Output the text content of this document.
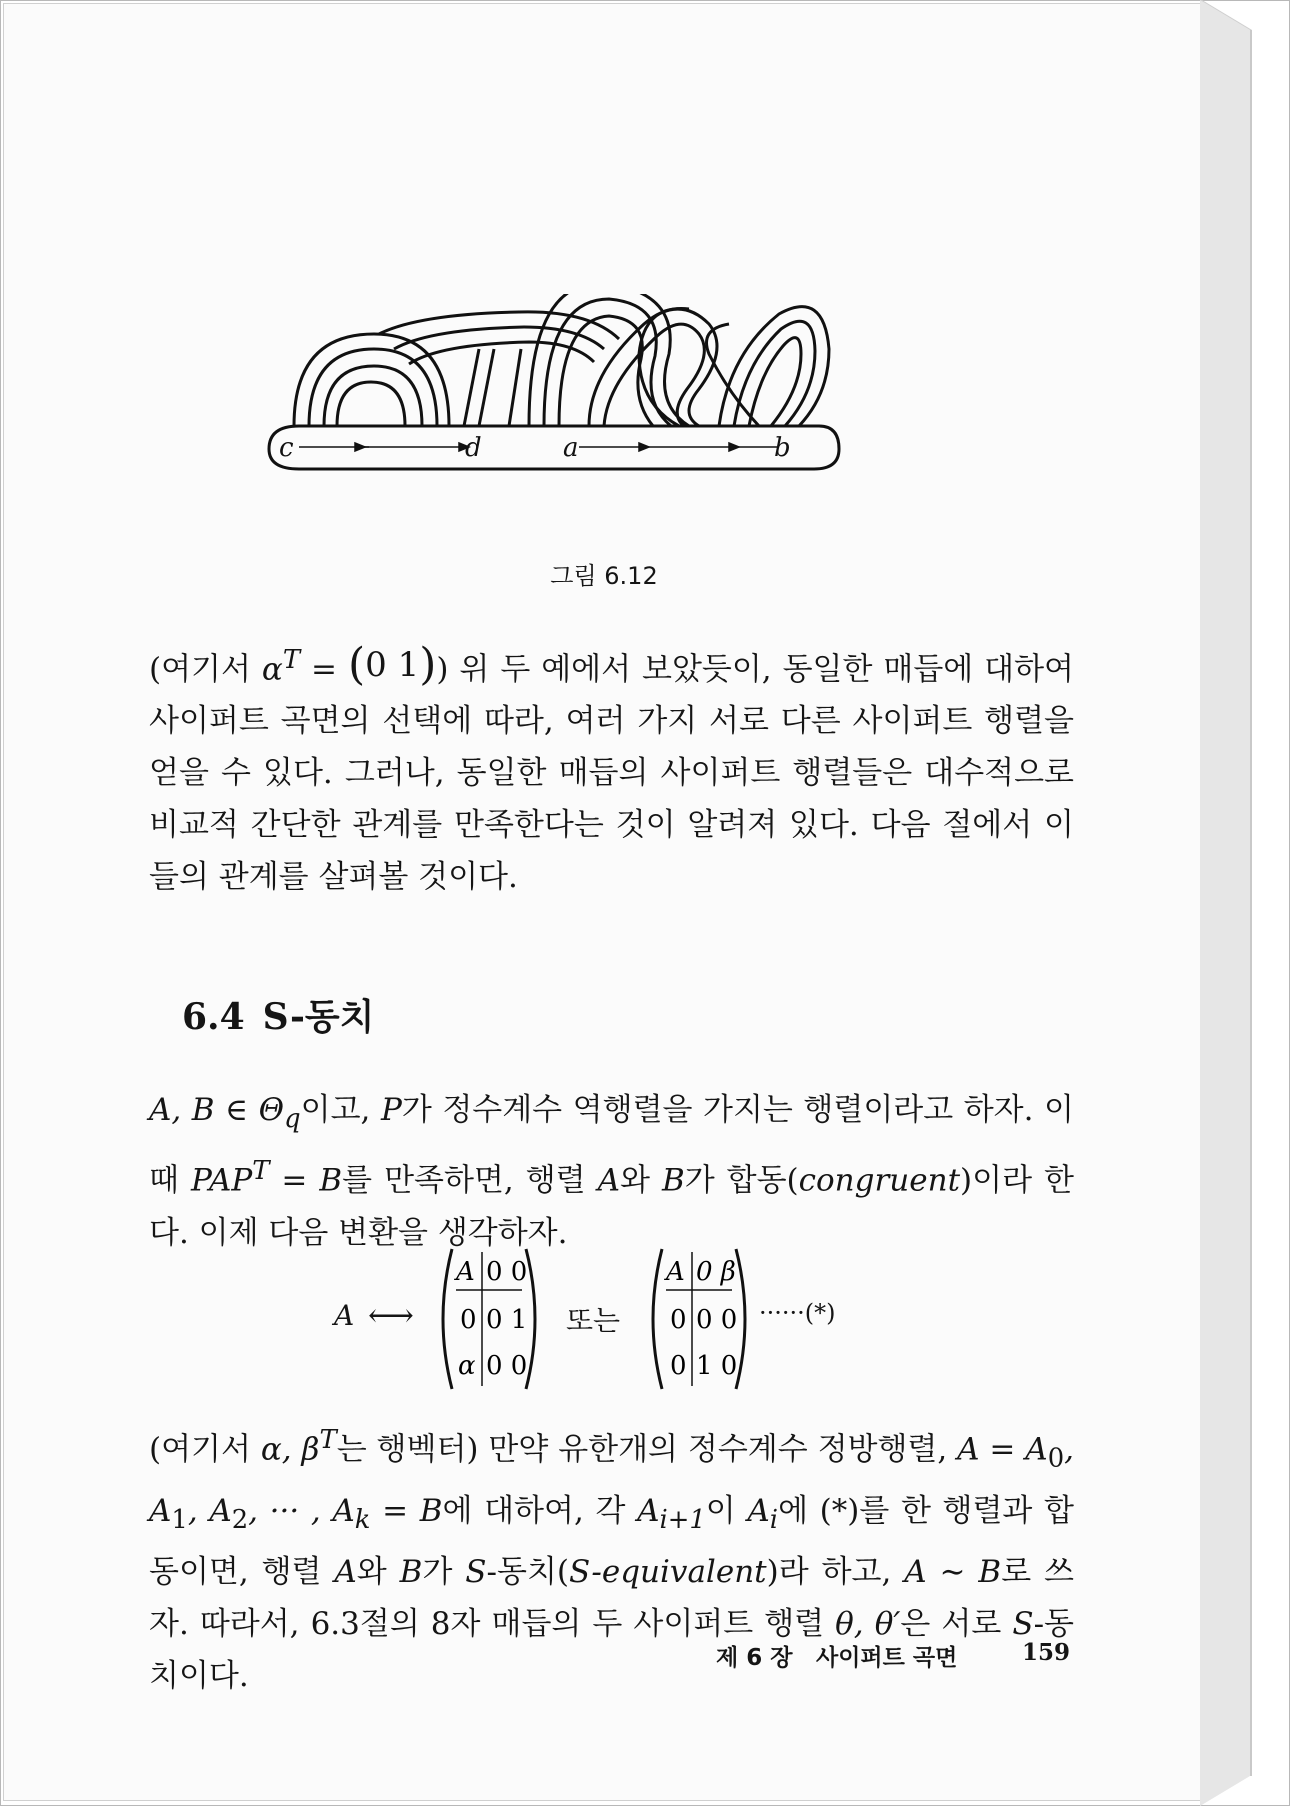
c	d	a	b
그림 6.12
(여기서 $\alpha^T$ = ( 0 1 ) ) 위 두 예에서 보았듯이, 동일한 매듭에 대하여 사이퍼트 곡면의 선택에 따라, 여러 가지 서로 다른 사이퍼트 행렬을 얻을 수 있다. 그러나, 동일한 매듭의 사이퍼트 행렬들은 대수적으로 비교적 간단한 관계를 만족한다는 것이 알려져 있다. 다음 절에서 이들의 관계를 살펴볼 것이다.
6.4 S-동치
A, B ∈ $\Theta_q$이고, P가 정수계수 역행렬을 가지는 행렬이라고 하자. 이때 $PAP^T = B$를 만족하면, 행렬 A와 B가 합동(congruent)이라 한다. 이제 다음 변환을 생각하자.
A ⟷
A 0 0
0 0 1
α 0 0
또는
A 0 β
0 0 0
0 1 0
······(*)
(여기서 α, $\beta^T$는 행벡터) 만약 유한개의 정수계수 정방행렬, $A = A_0$, $A_1$, $A_2$, ··· , $A_k = B$에 대하여, 각 $A_{i+1}$이 $A_i$에 (*)를 한 행렬과 합동이면, 행렬 A와 B가 S-동치(S-equivalent)라 하고, A ∼ B로 쓰자. 따라서, 6.3절의 8자 매듭의 두 사이퍼트 행렬 θ, θ′은 서로 S-동치이다.	제 6 장 사이퍼트 곡면	159
